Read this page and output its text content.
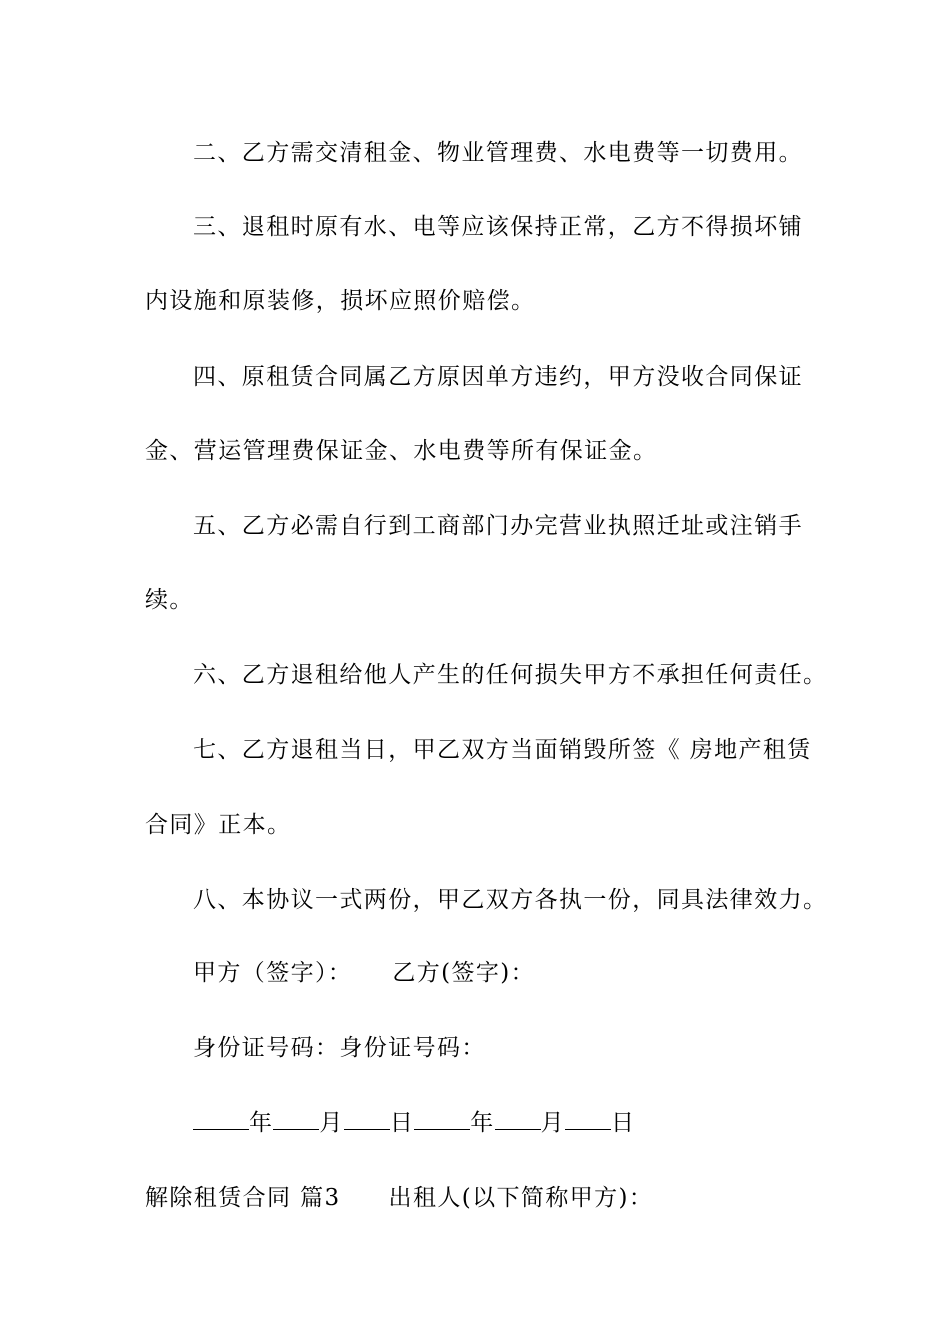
二、乙方需交清租金、物业管理费、水电费等一切费用。
三、退租时原有水、电等应该保持正常，乙方不得损坏铺
内设施和原装修，损坏应照价赔偿。
四、原租赁合同属乙方原因单方违约，甲方没收合同保证
金、营运管理费保证金、水电费等所有保证金。
五、乙方必需自行到工商部门办完营业执照迁址或注销手
续。
六、乙方退租给他人产生的任何损失甲方不承担任何责任。
七、乙方退租当日，甲乙双方当面销毁所签《 房地产租赁
合同》正本。
八、本协议一式两份，甲乙双方各执一份，同具法律效力。
甲方（签字）： 乙方(签字)：
身份证号码：身份证号码：
年 月 日 年 月 日
解除租赁合同 篇3 出租人(以下简称甲方)：
